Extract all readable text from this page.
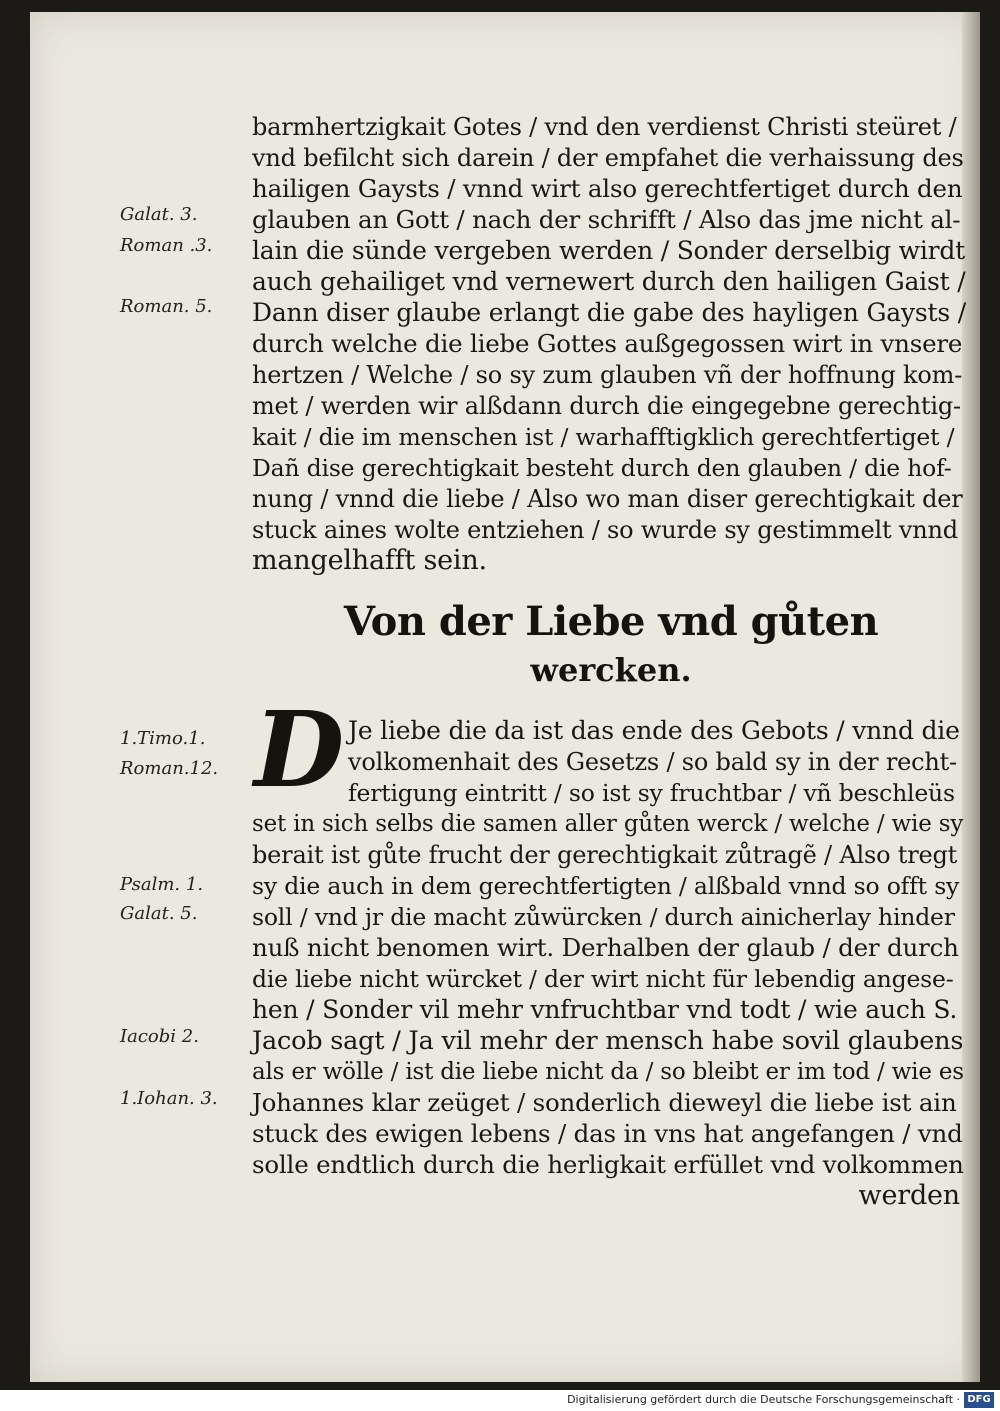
Galat. 3.
Roman .3.
Roman. 5.
1.Timo.1.
Roman.12.
Psalm. 1.
Galat. 5.
Iacobi 2.
1.Iohan. 3.
barmhertzigkait Gotes / vnd den verdienst Christi steüret /
vnd befilcht sich darein / der empfahet die verhaissung des
hailigen Gaysts / vnnd wirt also gerechtfertiget durch den
glauben an Gott / nach der schrifft / Also das jme nicht al-
lain die sünde vergeben werden / Sonder derselbig wirdt
auch gehailiget vnd vernewert durch den hailigen Gaist /
Dann diser glaube erlangt die gabe des hayligen Gaysts /
durch welche die liebe Gottes außgegossen wirt in vnsere
hertzen / Welche / so sy zum glauben vñ der hoffnung kom-
met / werden wir alßdann durch die eingegebne gerechtig-
kait / die im menschen ist / warhafftigklich gerechtfertiget /
Dañ dise gerechtigkait besteht durch den glauben / die hof-
nung / vnnd die liebe / Also wo man diser gerechtigkait der
stuck aines wolte entziehen / so wurde sy gestimmelt vnnd
mangelhafft sein.
Von der Liebe vnd gůten
wercken.
D Je liebe die da ist das ende des Gebots / vnnd die
volkomenhait des Gesetzs / so bald sy in der recht-
fertigung eintritt / so ist sy fruchtbar / vñ beschleüs
set in sich selbs die samen aller gůten werck / welche / wie sy
berait ist gůte frucht der gerechtigkait zůtragẽ / Also tregt
sy die auch in dem gerechtfertigten / alßbald vnnd so offt sy
soll / vnd jr die macht zůwürcken / durch ainicherlay hinder
nuß nicht benomen wirt. Derhalben der glaub / der durch
die liebe nicht würcket / der wirt nicht für lebendig angese-
hen / Sonder vil mehr vnfruchtbar vnd todt / wie auch S.
Jacob sagt / Ja vil mehr der mensch habe sovil glaubens
als er wölle / ist die liebe nicht da / so bleibt er im tod / wie es
Johannes klar zeüget / sonderlich dieweyl die liebe ist ain
stuck des ewigen lebens / das in vns hat angefangen / vnd
solle endtlich durch die herligkait erfüllet vnd volkommen
werden
Digitalisierung gefördert durch die Deutsche Forschungsgemeinschaft · DFG
